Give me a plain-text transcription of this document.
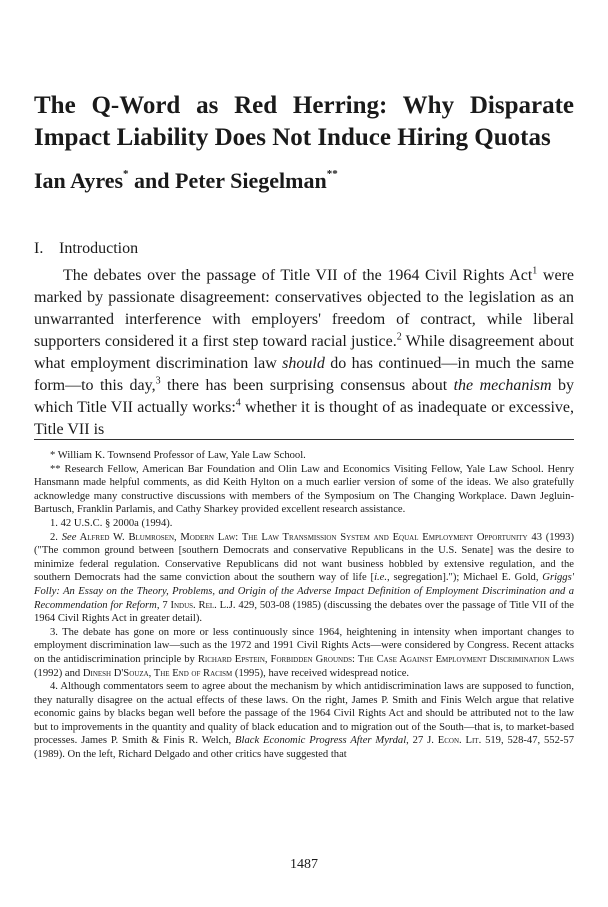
The Q-Word as Red Herring: Why Disparate Impact Liability Does Not Induce Hiring Quotas

Ian Ayres* and Peter Siegelman**

I. Introduction

The debates over the passage of Title VII of the 1964 Civil Rights Act$^1$ were marked by passionate disagreement: conservatives objected to the legislation as an unwarranted interference with employers' freedom of contract, while liberal supporters considered it a first step toward racial justice.$^2$ While disagreement about what employment discrimination law should do has continued—in much the same form—to this day,$^3$ there has been surprising consensus about the mechanism by which Title VII actually works:$^4$ whether it is thought of as inadequate or excessive, Title VII is

* William K. Townsend Professor of Law, Yale Law School.

** Research Fellow, American Bar Foundation and Olin Law and Economics Visiting Fellow, Yale Law School. Henry Hansmann made helpful comments, as did Keith Hylton on a much earlier version of some of the ideas. We also gratefully acknowledge many constructive discussions with members of the Symposium on The Changing Workplace. Dawn Jegluin-Bartusch, Franklin Parlamis, and Cathy Sharkey provided excellent research assistance.

1. 42 U.S.C. § 2000a (1994).

2. See Alfred W. Blumrosen, Modern Law: The Law Transmission System and Equal Employment Opportunity 43 (1993) ("The common ground between [southern Democrats and conservative Republicans in the U.S. Senate] was the desire to minimize federal regulation. Conservative Republicans did not want business hobbled by extensive regulation, and the southern Democrats had the same conviction about the southern way of life [i.e., segregation]."); Michael E. Gold, Griggs' Folly: An Essay on the Theory, Problems, and Origin of the Adverse Impact Definition of Employment Discrimination and a Recommendation for Reform, 7 Indus. Rel. L.J. 429, 503-08 (1985) (discussing the debates over the passage of Title VII of the 1964 Civil Rights Act in greater detail).

3. The debate has gone on more or less continuously since 1964, heightening in intensity when important changes to employment discrimination law—such as the 1972 and 1991 Civil Rights Acts—were considered by Congress. Recent attacks on the antidiscrimination principle by Richard Epstein, Forbidden Grounds: The Case Against Employment Discrimination Laws (1992) and Dinesh D'Souza, The End of Racism (1995), have received widespread notice.

4. Although commentators seem to agree about the mechanism by which antidiscrimination laws are supposed to function, they naturally disagree on the actual effects of these laws. On the right, James P. Smith and Finis Welch argue that relative economic gains by blacks began well before the passage of the 1964 Civil Rights Act and should be attributed not to the law but to improvements in the quantity and quality of black education and to migration out of the South—that is, to market-based processes. James P. Smith & Finis R. Welch, Black Economic Progress After Myrdal, 27 J. Econ. Lit. 519, 528-47, 552-57 (1989). On the left, Richard Delgado and other critics have suggested that

1487
